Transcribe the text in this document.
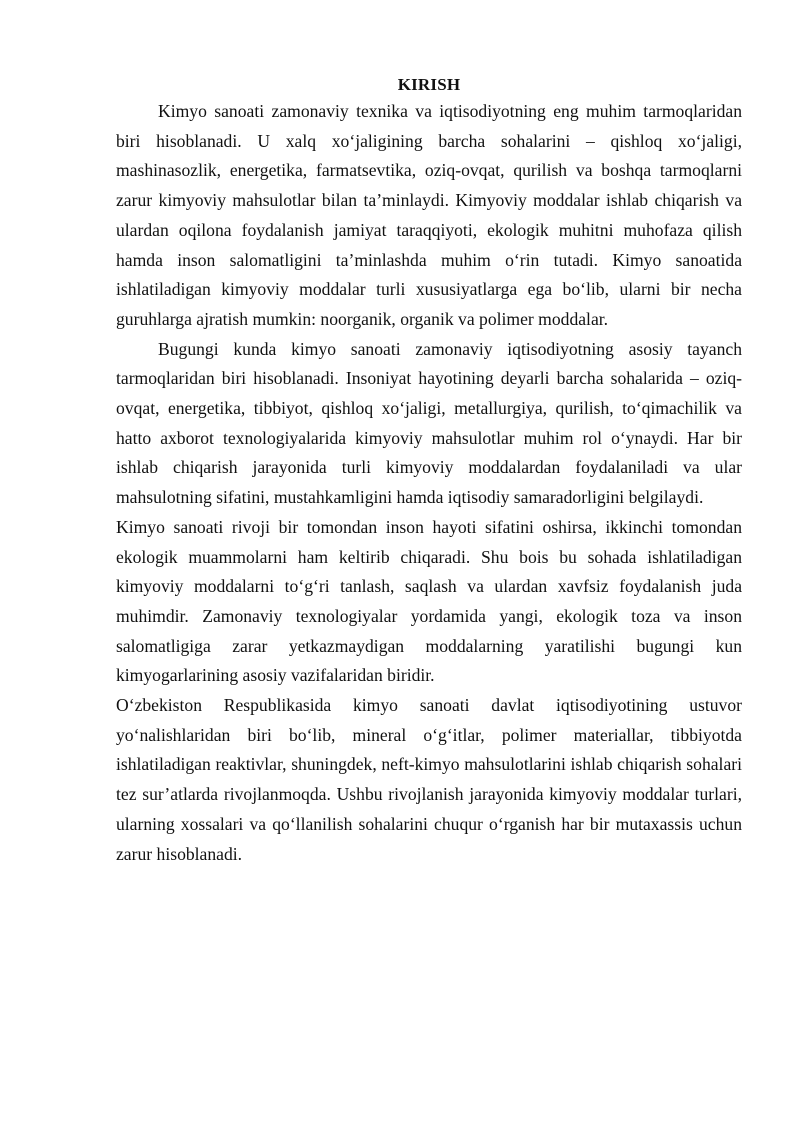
KIRISH

Kimyo sanoati zamonaviy texnika va iqtisodiyotning eng muhim tarmoqlaridan biri hisoblanadi. U xalq xo‘jaligining barcha sohalarini – qishloq xo‘jaligi, mashinasozlik, energetika, farmatsevtika, oziq-ovqat, qurilish va boshqa tarmoqlarni zarur kimyoviy mahsulotlar bilan ta’minlaydi. Kimyoviy moddalar ishlab chiqarish va ulardan oqilona foydalanish jamiyat taraqqiyoti, ekologik muhitni muhofaza qilish hamda inson salomatligini ta’minlashda muhim o‘rin tutadi. Kimyo sanoatida ishlatiladigan kimyoviy moddalar turli xususiyatlarga ega bo‘lib, ularni bir necha guruhlarga ajratish mumkin: noorganik, organik va polimer moddalar.

Bugungi kunda kimyo sanoati zamonaviy iqtisodiyotning asosiy tayanch tarmoqlaridan biri hisoblanadi. Insoniyat hayotining deyarli barcha sohalarida – oziq-ovqat, energetika, tibbiyot, qishloq xo‘jaligi, metallurgiya, qurilish, to‘qimachilik va hatto axborot texnologiyalarida kimyoviy mahsulotlar muhim rol o‘ynaydi. Har bir ishlab chiqarish jarayonida turli kimyoviy moddalardan foydalaniladi va ular mahsulotning sifatini, mustahkamligini hamda iqtisodiy samaradorligini belgilaydi.

Kimyo sanoati rivoji bir tomondan inson hayoti sifatini oshirsa, ikkinchi tomondan ekologik muammolarni ham keltirib chiqaradi. Shu bois bu sohada ishlatiladigan kimyoviy moddalarni to‘g‘ri tanlash, saqlash va ulardan xavfsiz foydalanish juda muhimdir. Zamonaviy texnologiyalar yordamida yangi, ekologik toza va inson salomatligiga zarar yetkazmaydigan moddalarning yaratilishi bugungi kun kimyogarlarining asosiy vazifalaridan biridir.

O‘zbekiston Respublikasida kimyo sanoati davlat iqtisodiyotining ustuvor yo‘nalishlaridan biri bo‘lib, mineral o‘g‘itlar, polimer materiallar, tibbiyotda ishlatiladigan reaktivlar, shuningdek, neft-kimyo mahsulotlarini ishlab chiqarish sohalari tez sur’atlarda rivojlanmoqda. Ushbu rivojlanish jarayonida kimyoviy moddalar turlari, ularning xossalari va qo‘llanilish sohalarini chuqur o‘rganish har bir mutaxassis uchun zarur hisoblanadi.
